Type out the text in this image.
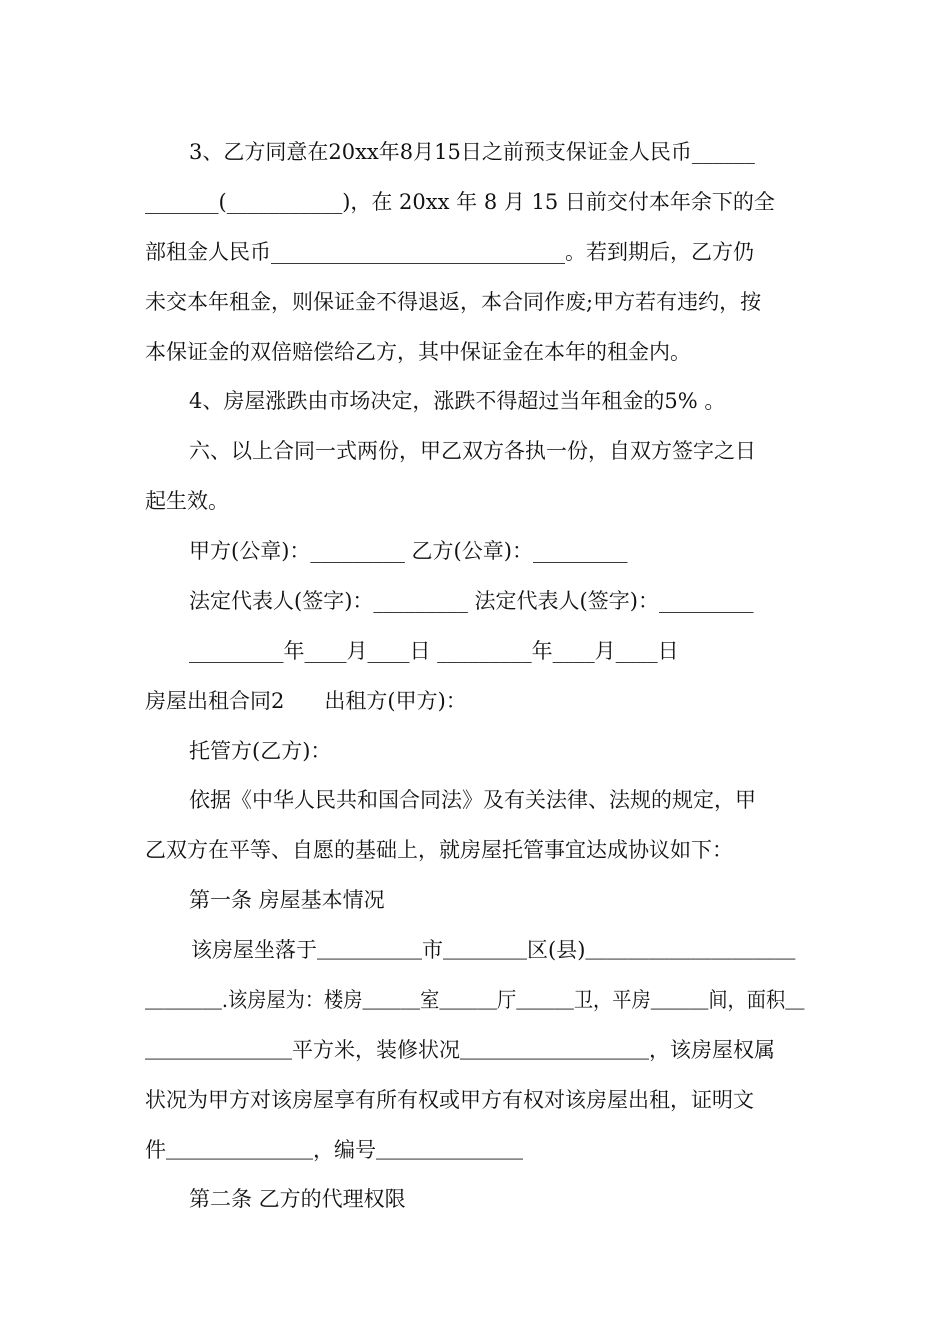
3、乙方同意在20xx年8月15日之前预支保证金人民币______
_______(___________)，在 20xx 年 8 月 15 日前交付本年余下的全
部租金人民币____________________________。若到期后，乙方仍
未交本年租金，则保证金不得退返，本合同作废;甲方若有违约，按
本保证金的双倍赔偿给乙方，其中保证金在本年的租金内。
4、房屋涨跌由市场决定，涨跌不得超过当年租金的5% 。
六、以上合同一式两份，甲乙双方各执一份，自双方签字之日
起生效。
甲方(公章)：_________ 乙方(公章)：_________
法定代表人(签字)：_________ 法定代表人(签字)：_________
_________年____月____日 _________年____月____日
房屋出租合同2      出租方(甲方)：
托管方(乙方)：
依据《中华人民共和国合同法》及有关法律、法规的规定，甲
乙双方在平等、自愿的基础上，就房屋托管事宜达成协议如下：
第一条 房屋基本情况
该房屋坐落于＿＿＿＿＿市＿＿＿＿区(县)＿＿＿＿＿＿＿＿＿＿
＿＿＿＿.该房屋为：楼房＿＿＿室＿＿＿厅＿＿＿卫，平房＿＿＿间，面积＿
＿＿＿＿＿＿＿平方米，装修状况＿＿＿＿＿＿＿＿＿，该房屋权属
状况为甲方对该房屋享有所有权或甲方有权对该房屋出租，证明文
件＿＿＿＿＿＿＿，编号＿＿＿＿＿＿＿
第二条 乙方的代理权限
